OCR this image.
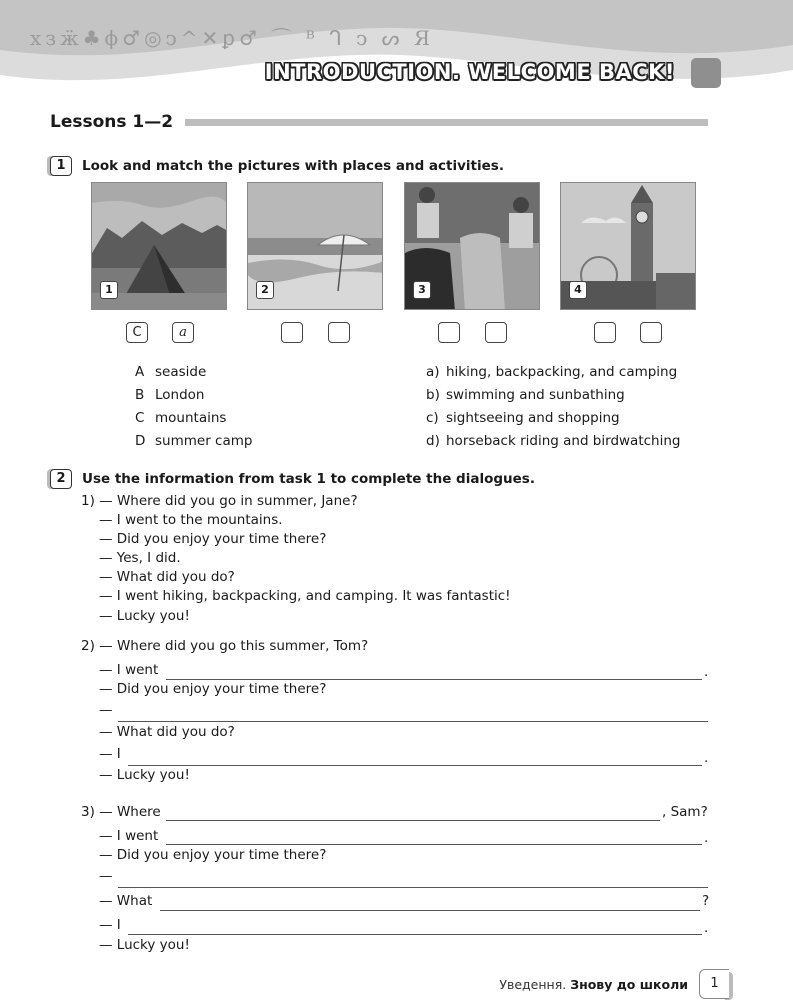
хзӝ♣ϕ♂◎ↄ^✕ꝑ♂ ⌒ ᴮ ᒉ ↄ ᔕ Я
INTRODUCTION. WELCOME BACK!
Lessons 1—2
1	Look and match the pictures with places and activities.
1	2	3	4
C	a
A seaside
B London
C mountains
D summer camp
a) hiking, backpacking, and camping
b) swimming and sunbathing
c) sightseeing and shopping
d) horseback riding and birdwatching
2	Use the information from task 1 to complete the dialogues.
1) — Where did you go in summer, Jane?
— I went to the mountains.
— Did you enjoy your time there?
— Yes, I did.
— What did you do?
— I went hiking, backpacking, and camping. It was fantastic!
— Lucky you!
2) — Where did you go this summer, Tom?
— I went	.
— Did you enjoy your time there?
—
— What did you do?
— I	.
— Lucky you!
3) — Where	, Sam?
— I went	.
— Did you enjoy your time there?
—
— What	?
— I	.
— Lucky you!
Уведення. Знову до школи	1
